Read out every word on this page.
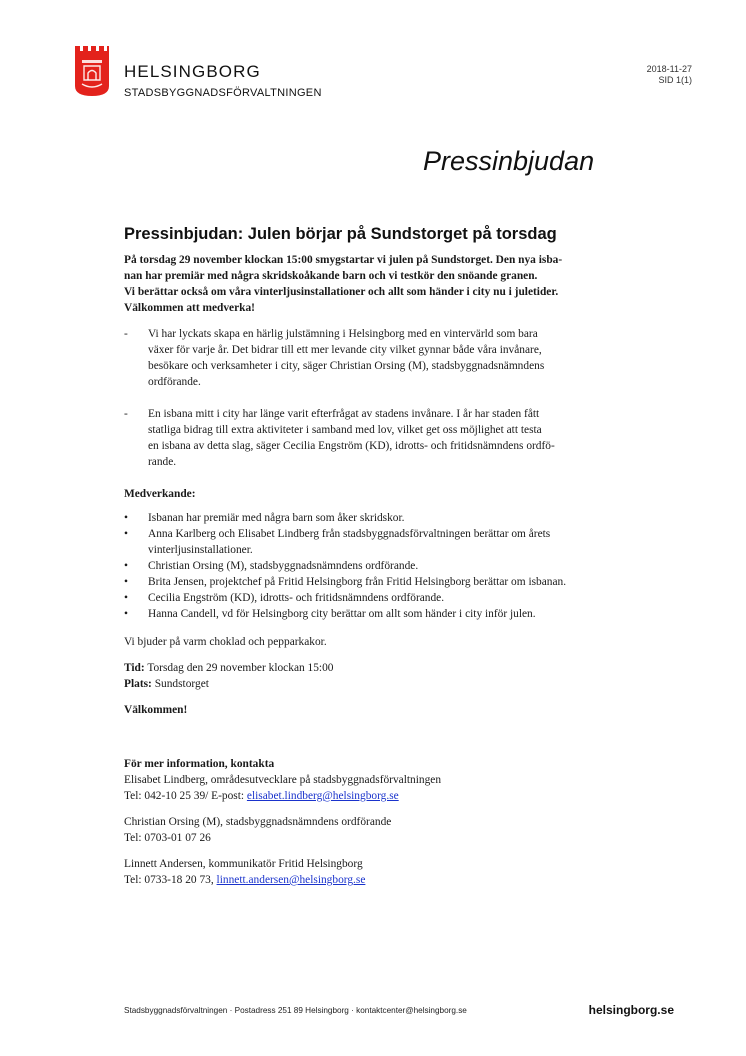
HELSINGBORG
STADSBYGGNADSFÖRVALTNINGEN
2018-11-27
SID 1(1)
Pressinbjudan
Pressinbjudan: Julen börjar på Sundstorget på torsdag

På torsdag 29 november klockan 15:00 smygstartar vi julen på Sundstorget. Den nya isba-
nan har premiär med några skridskoåkande barn och vi testkör den snöande granen.
Vi berättar också om våra vinterljusinstallationer och allt som händer i city nu i juletider.
Välkommen att medverka!

- Vi har lyckats skapa en härlig julstämning i Helsingborg med en vintervärld som bara
växer för varje år. Det bidrar till ett mer levande city vilket gynnar både våra invånare,
besökare och verksamheter i city, säger Christian Orsing (M), stadsbyggnadsnämndens
ordförande.
- En isbana mitt i city har länge varit efterfrågat av stadens invånare. I år har staden fått
statliga bidrag till extra aktiviteter i samband med lov, vilket get oss möjlighet att testa
en isbana av detta slag, säger Cecilia Engström (KD), idrotts- och fritidsnämndens ordfö-
rande.

Medverkande:

• Isbanan har premiär med några barn som åker skridskor.
• Anna Karlberg och Elisabet Lindberg från stadsbyggnadsförvaltningen berättar om årets
vinterljusinstallationer.
• Christian Orsing (M), stadsbyggnadsnämndens ordförande.
• Brita Jensen, projektchef på Fritid Helsingborg från Fritid Helsingborg berättar om isbanan.
• Cecilia Engström (KD), idrotts- och fritidsnämndens ordförande.
• Hanna Candell, vd för Helsingborg city berättar om allt som händer i city inför julen.

Vi bjuder på varm choklad och pepparkakor.

Tid: Torsdag den 29 november klockan 15:00
Plats: Sundstorget

Välkommen!

För mer information, kontakta

Elisabet Lindberg, områdesutvecklare på stadsbyggnadsförvaltningen
Tel: 042-10 25 39/ E-post: elisabet.lindberg@helsingborg.se

Christian Orsing (M), stadsbyggnadsnämndens ordförande
Tel: 0703-01 07 26

Linnett Andersen, kommunikatör Fritid Helsingborg
Tel: 0733-18 20 73, linnett.andersen@helsingborg.se

Stadsbyggnadsförvaltningen · Postadress 251 89 Helsingborg · kontaktcenter@helsingborg.se	helsingborg.se
